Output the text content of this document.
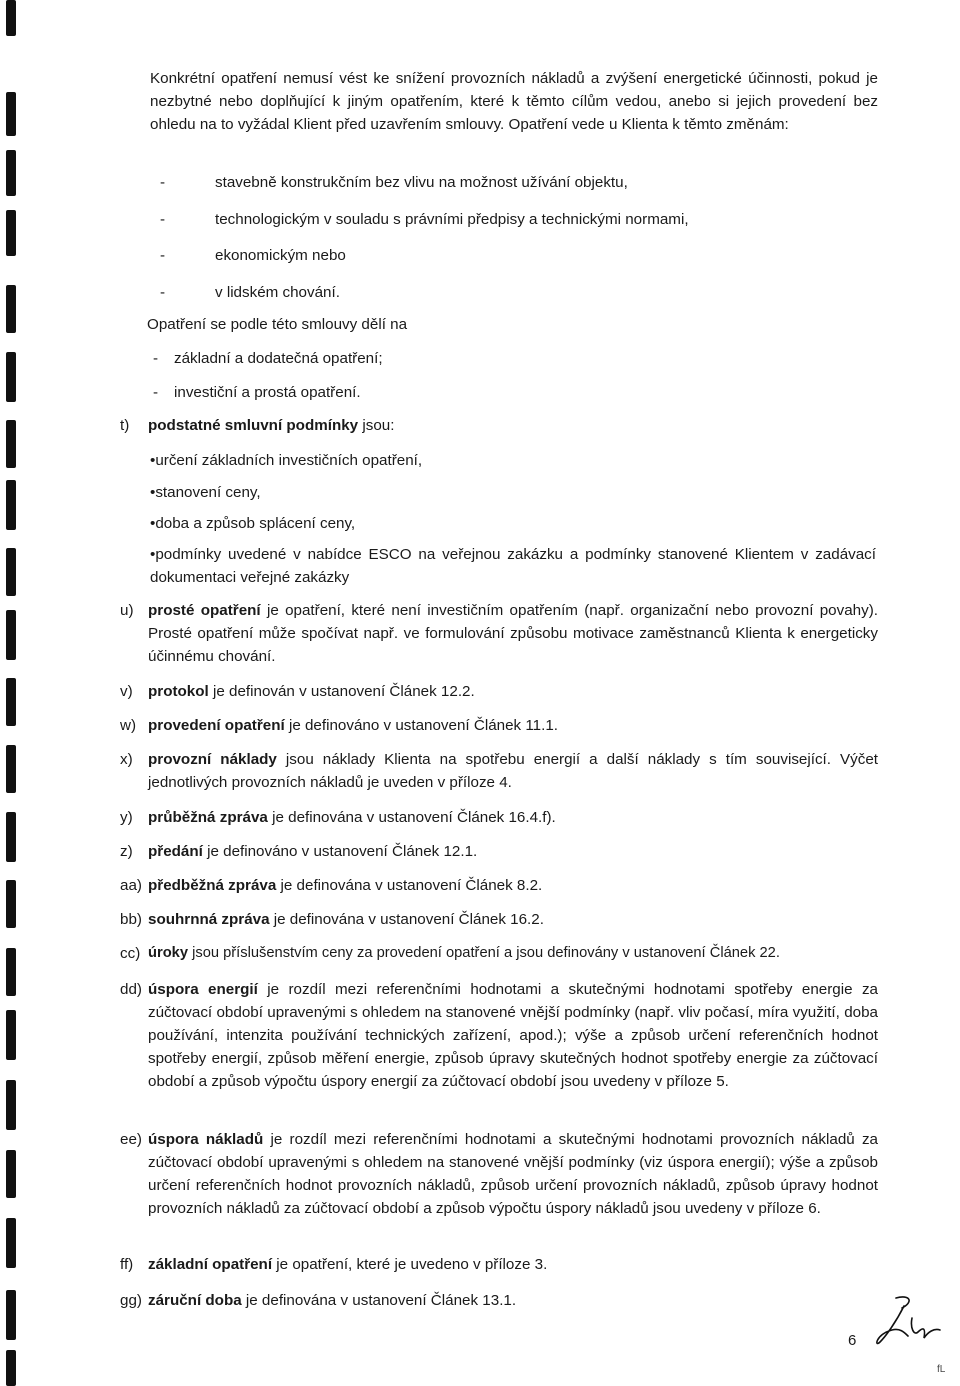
Konkrétní opatření nemusí vést ke snížení provozních nákladů a zvýšení energetické účinnosti, pokud je nezbytné nebo doplňující k jiným opatřením, které k těmto cílům vedou, anebo si jejich provedení bez ohledu na to vyžádal Klient před uzavřením smlouvy. Opatření vede u Klienta k těmto změnám:

-	stavebně konstrukčním bez vlivu na možnost užívání objektu,
-	technologickým v souladu s právními předpisy a technickými normami,
-	ekonomickým nebo
-	v lidském chování.
Opatření se podle této smlouvy dělí na
- základní a dodatečná opatření;
- investiční a prostá opatření.
t) podstatné smluvní podmínky jsou:
•určení základních investičních opatření,
•stanovení ceny,
•doba a způsob splácení ceny,
•podmínky uvedené v nabídce ESCO na veřejnou zakázku a podmínky stanovené Klientem v zadávací dokumentaci veřejné zakázky
u) prosté opatření je opatření, které není investičním opatřením (např. organizační nebo provozní povahy). Prosté opatření může spočívat např. ve formulování způsobu motivace zaměstnanců Klienta k energeticky účinnému chování.
v) protokol je definován v ustanovení Článek 12.2.
w) provedení opatření je definováno v ustanovení Článek 11.1.
x) provozní náklady jsou náklady Klienta na spotřebu energií a další náklady s tím související. Výčet jednotlivých provozních nákladů je uveden v příloze 4.
y) průběžná zpráva je definována v ustanovení Článek 16.4.f).
z) předání je definováno v ustanovení Článek 12.1.
aa) předběžná zpráva je definována v ustanovení Článek 8.2.
bb) souhrnná zpráva je definována v ustanovení Článek 16.2.
cc) úroky jsou příslušenstvím ceny za provedení opatření a jsou definovány v ustanovení Článek 22.
dd) úspora energií je rozdíl mezi referenčními hodnotami a skutečnými hodnotami spotřeby energie za zúčtovací období upravenými s ohledem na stanovené vnější podmínky (např. vliv počasí, míra využití, doba používání, intenzita používání technických zařízení, apod.); výše a způsob určení referenčních hodnot spotřeby energií, způsob měření energie, způsob úpravy skutečných hodnot spotřeby energie za zúčtovací období a způsob výpočtu úspory energií za zúčtovací období jsou uvedeny v příloze 5.
ee) úspora nákladů je rozdíl mezi referenčními hodnotami a skutečnými hodnotami provozních nákladů za zúčtovací období upravenými s ohledem na stanovené vnější podmínky (viz úspora energií); výše a způsob určení referenčních hodnot provozních nákladů, způsob určení provozních nákladů, způsob úpravy hodnot provozních nákladů za zúčtovací období a způsob výpočtu úspory nákladů jsou uvedeny v příloze 6.
ff) základní opatření je opatření, které je uvedeno v příloze 3.
gg) záruční doba je definována v ustanovení Článek 13.1.
6
fL
